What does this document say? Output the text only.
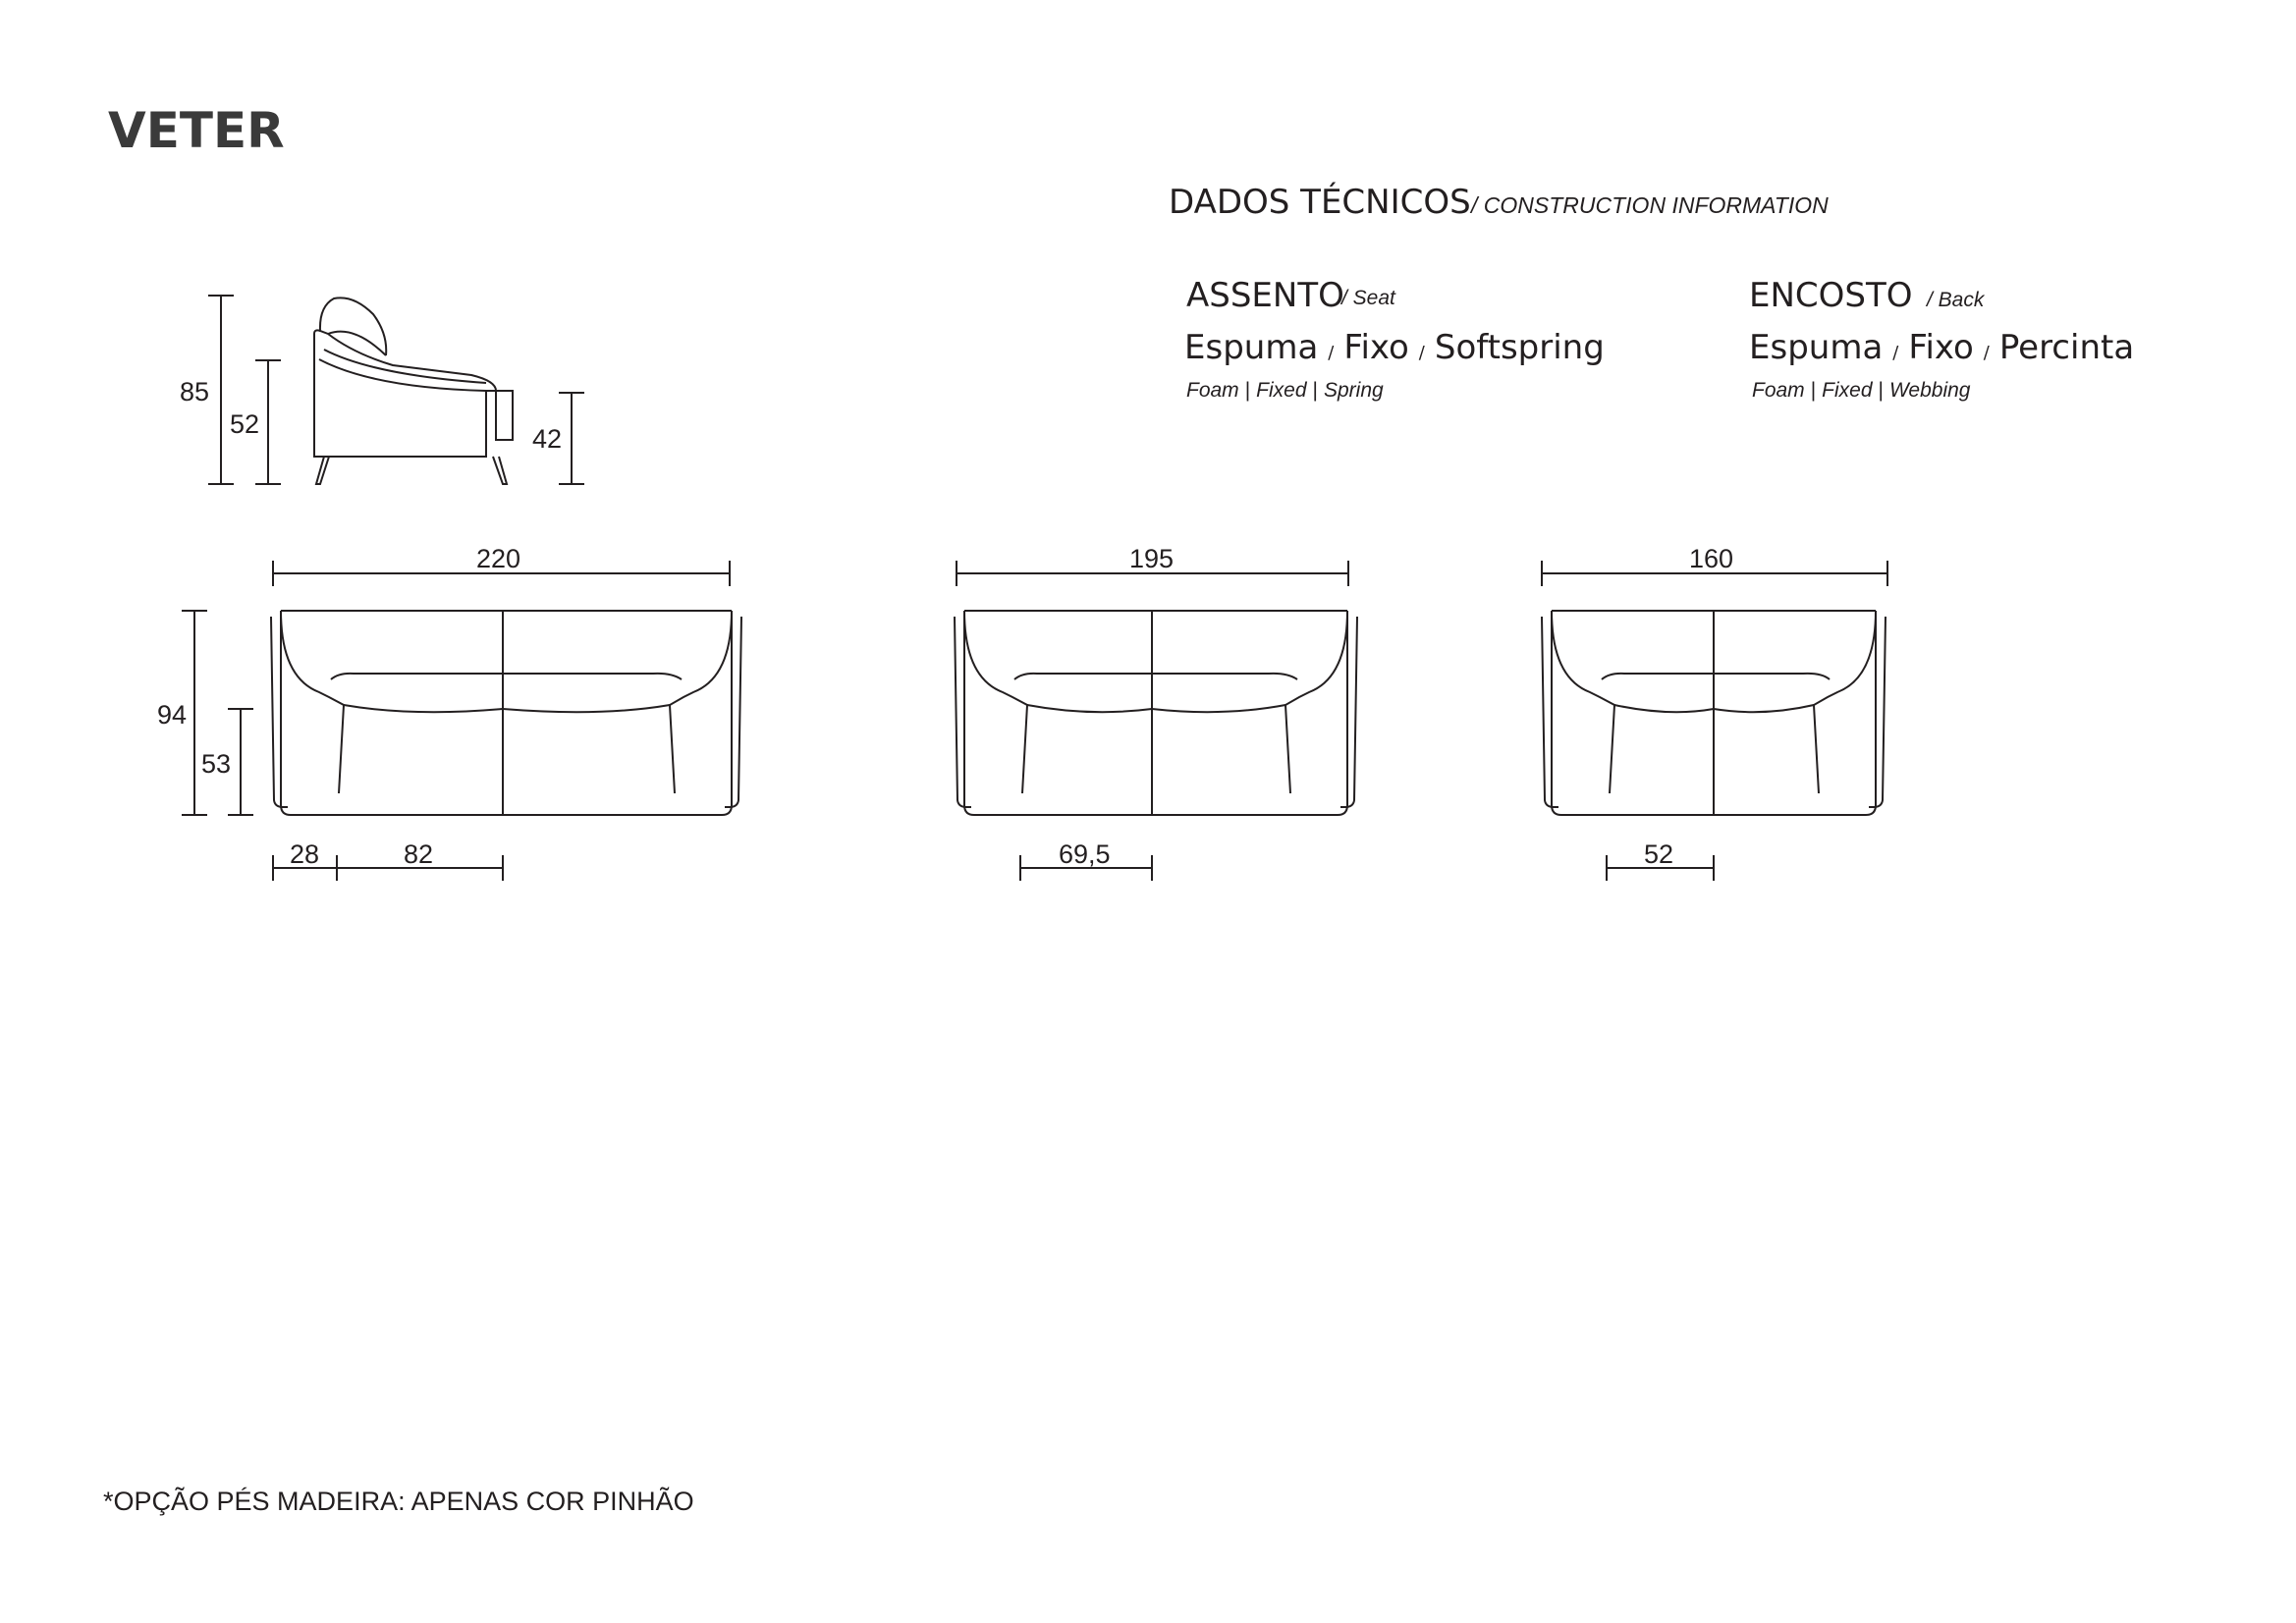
VETER
DADOS TÉCNICOS / CONSTRUCTION INFORMATION
ASSENTO
/ Seat
Espuma / Fixo / Softspring
Foam | Fixed | Spring
ENCOSTO / Back
Espuma / Fixo / Percinta
Foam | Fixed | Webbing
85
52	42
220
94
53
28	82
195
69,5
160
52
*OPÇÃO PÉS MADEIRA: APENAS COR PINHÃO
